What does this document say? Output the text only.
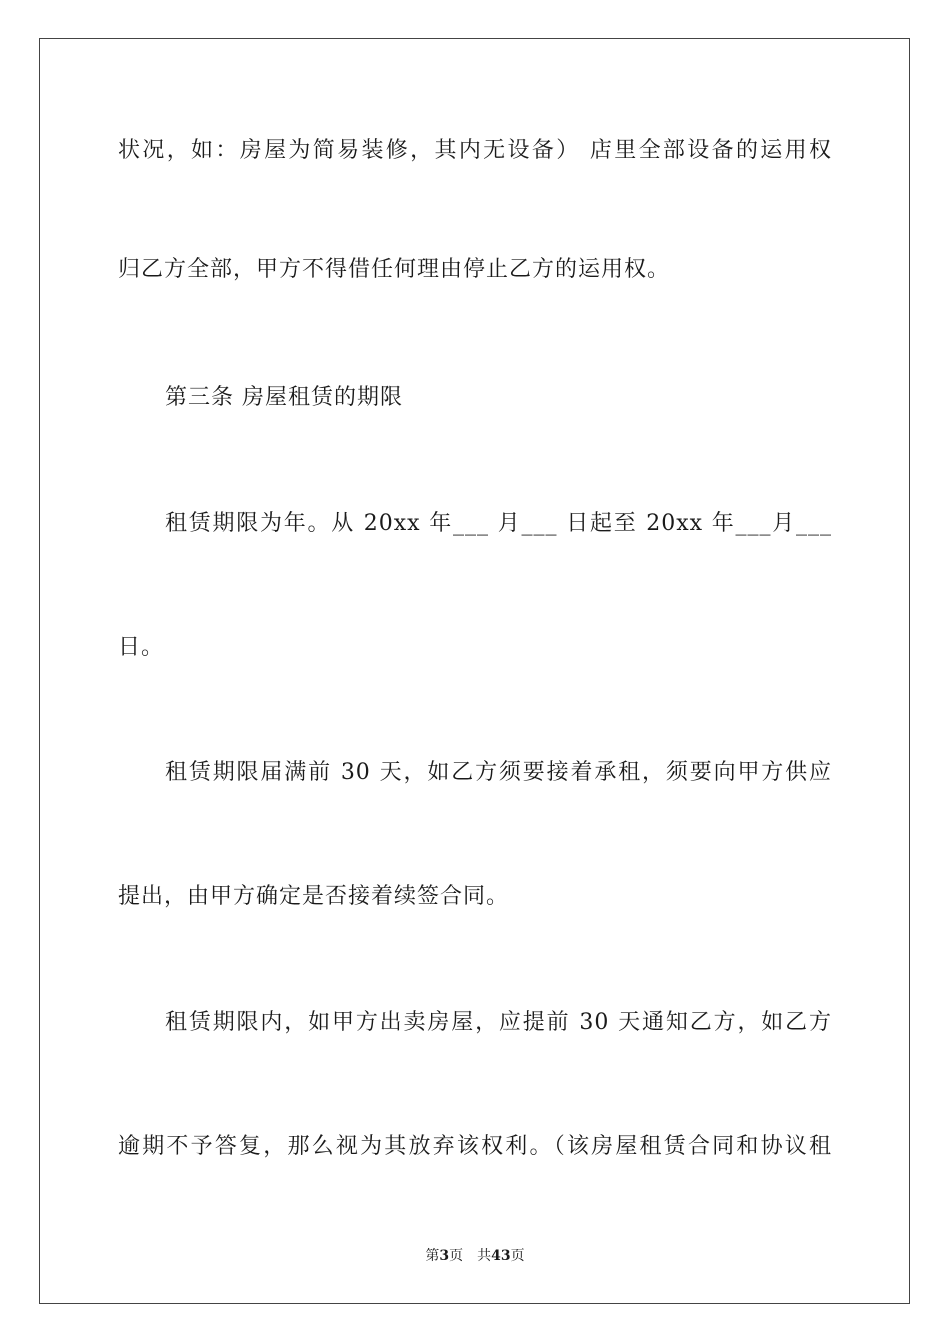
状况，如：房屋为简易装修，其内无设备） 店里全部设备的运用权
归乙方全部，甲方不得借任何理由停止乙方的运用权。
第三条 房屋租赁的期限
租赁期限为年。从 20xx 年___ 月___ 日起至 20xx 年___月___
日。
租赁期限届满前 30 天，如乙方须要接着承租，须要向甲方供应
提出，由甲方确定是否接着续签合同。
租赁期限内，如甲方出卖房屋，应提前 30 天通知乙方，如乙方
逾期不予答复，那么视为其放弃该权利。（该房屋租赁合同和协议租
第3页 共43页
